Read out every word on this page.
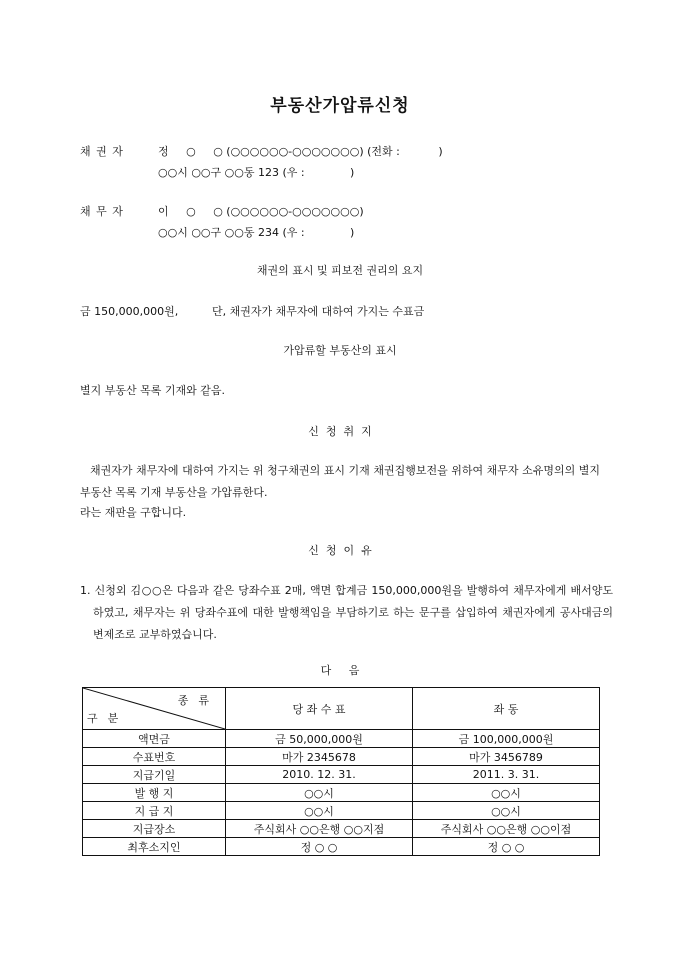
부동산가압류신청
채 권 자	정     ○     ○ (○○○○○○-○○○○○○○) (전화 :           )
○○시 ○○구 ○○동 123 (우 :             )
채 무 자	이     ○     ○ (○○○○○○-○○○○○○○)
○○시 ○○구 ○○동 234 (우 :             )
채권의 표시 및 피보전 권리의 요지
금 150,000,000원,	단, 채권자가 채무자에 대하여 가지는 수표금
가압류할 부동산의 표시
별지 부동산 목록 기재와 같음.
신  청  취  지
채권자가 채무자에 대하여 가지는 위 청구채권의 표시 기재 채권집행보전을 위하여 채무자 소유명의의 별지 부동산 목록 기재 부동산을 가압류한다.
라는 재판을 구합니다.
신  청  이  유
1. 신청외 김○○은 다음과 같은 당좌수표 2매, 액면 합계금 150,000,000원을 발행하여 채무자에게 배서양도하였고, 채무자는 위 당좌수표에 대한 발행책임을 부담하기로 하는 문구를 삽입하여 채권자에게 공사대금의 변제조로 교부하였습니다.
다     음
종류
구분	당 좌 수 표	좌 동
액면금	금 50,000,000원	금 100,000,000원
수표번호	마가 2345678	마가 3456789
지급기일	2010. 12. 31.	2011. 3. 31.
발 행 지	○○시	○○시
지 급 지	○○시	○○시
지급장소	주식회사 ○○은행 ○○지점	주식회사 ○○은행 ○○이점
최후소지인	정 ○ ○	정 ○ ○
